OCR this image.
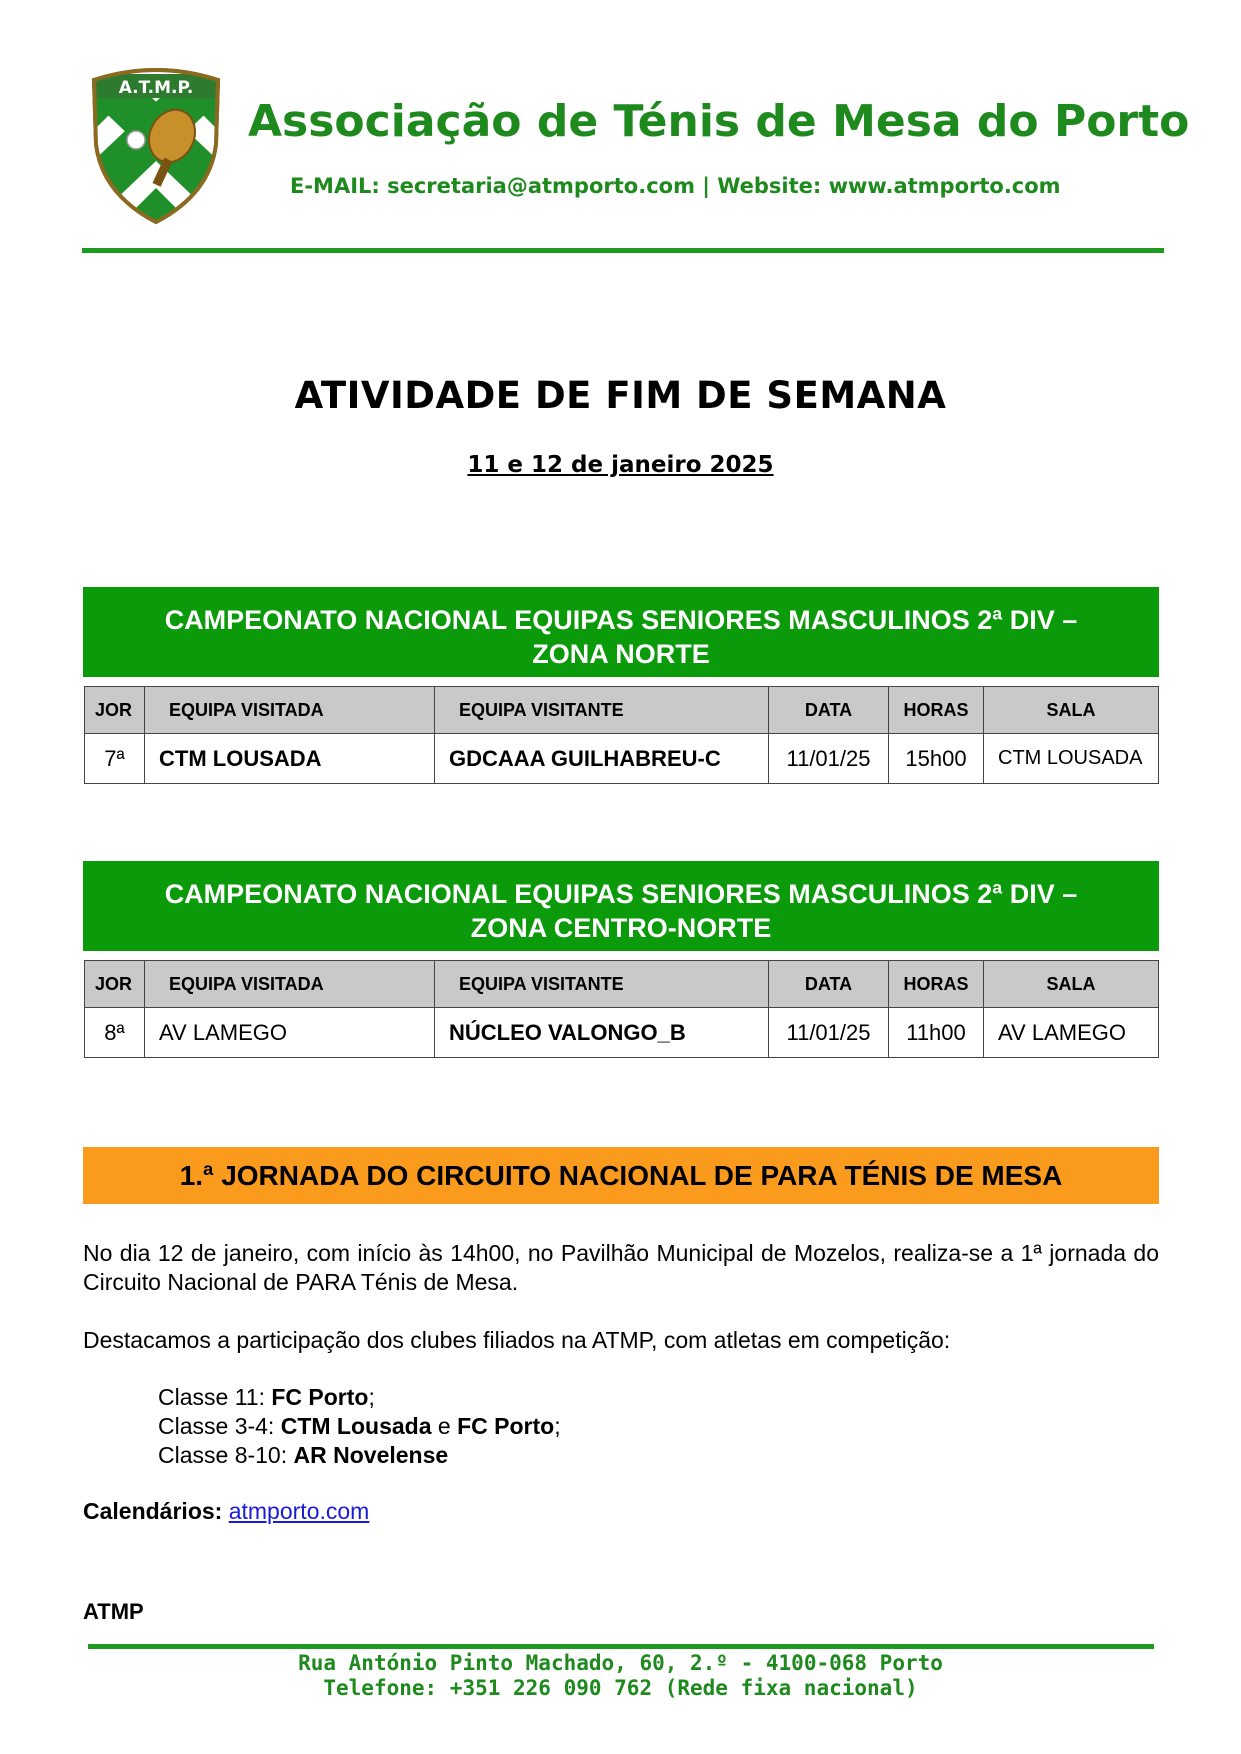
A.T.M.P.
Associação de Ténis de Mesa do Porto
E-MAIL: secretaria@atmporto.com | Website: www.atmporto.com
ATIVIDADE DE FIM DE SEMANA
11 e 12 de janeiro 2025
CAMPEONATO NACIONAL EQUIPAS SENIORES MASCULINOS 2ª DIV –
ZONA NORTE
JOR	EQUIPA VISITADA	EQUIPA VISITANTE	DATA	HORAS	SALA
7ª	CTM LOUSADA	GDCAAA GUILHABREU-C	11/01/25	15h00	CTM LOUSADA
CAMPEONATO NACIONAL EQUIPAS SENIORES MASCULINOS 2ª DIV –
ZONA CENTRO-NORTE
JOR	EQUIPA VISITADA	EQUIPA VISITANTE	DATA	HORAS	SALA
8ª	AV LAMEGO	NÚCLEO VALONGO_B	11/01/25	11h00	AV LAMEGO
1.ª JORNADA DO CIRCUITO NACIONAL DE PARA TÉNIS DE MESA
No dia 12 de janeiro, com início às 14h00, no Pavilhão Municipal de Mozelos, realiza-se a 1ª jornada do Circuito Nacional de PARA Ténis de Mesa.
Destacamos a participação dos clubes filiados na ATMP, com atletas em competição:
Classe 11: FC Porto;
Classe 3-4: CTM Lousada e FC Porto;
Classe 8-10: AR Novelense
Calendários: atmporto.com
ATMP
Rua António Pinto Machado, 60, 2.º - 4100-068 Porto
Telefone: +351 226 090 762 (Rede fixa nacional)
